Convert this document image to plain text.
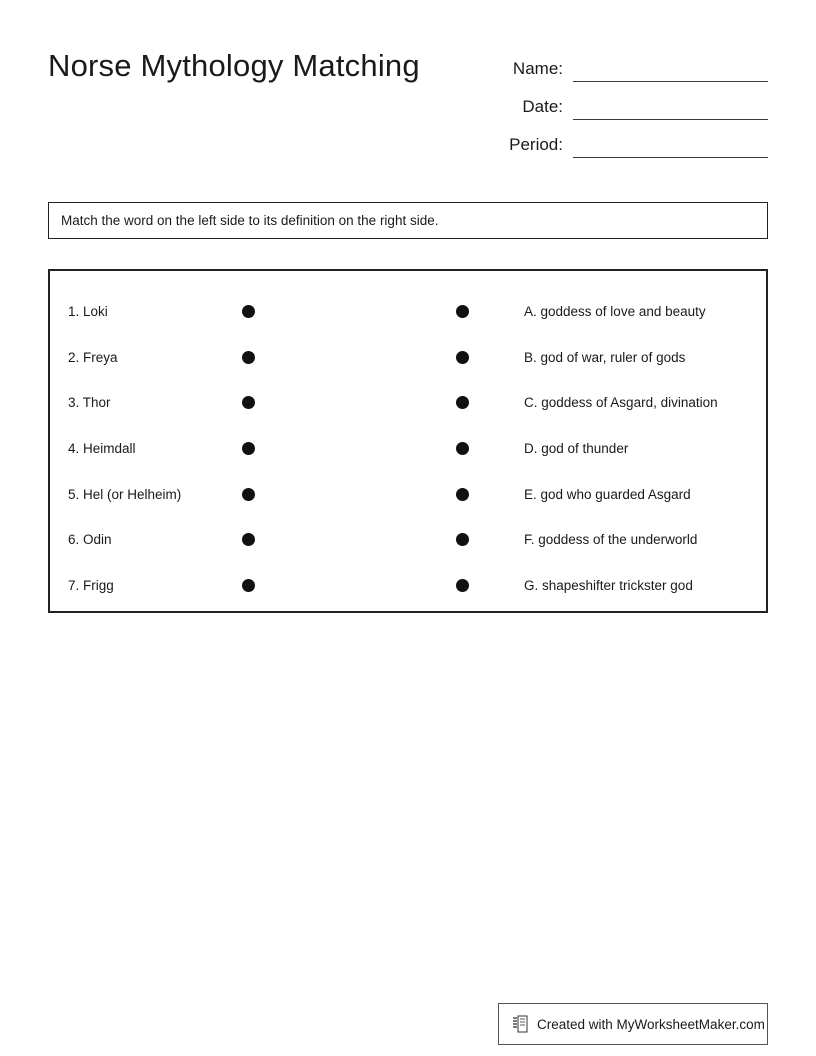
Norse Mythology Matching	Name:
Date:
Period:
Match the word on the left side to its definition on the right side.
1. Loki	A. goddess of love and beauty
2. Freya	B. god of war, ruler of gods
3. Thor	C. goddess of Asgard, divination
4. Heimdall	D. god of thunder
5. Hel (or Helheim)	E. god who guarded Asgard
6. Odin	F. goddess of the underworld
7. Frigg	G. shapeshifter trickster god
Created with MyWorksheetMaker.com
